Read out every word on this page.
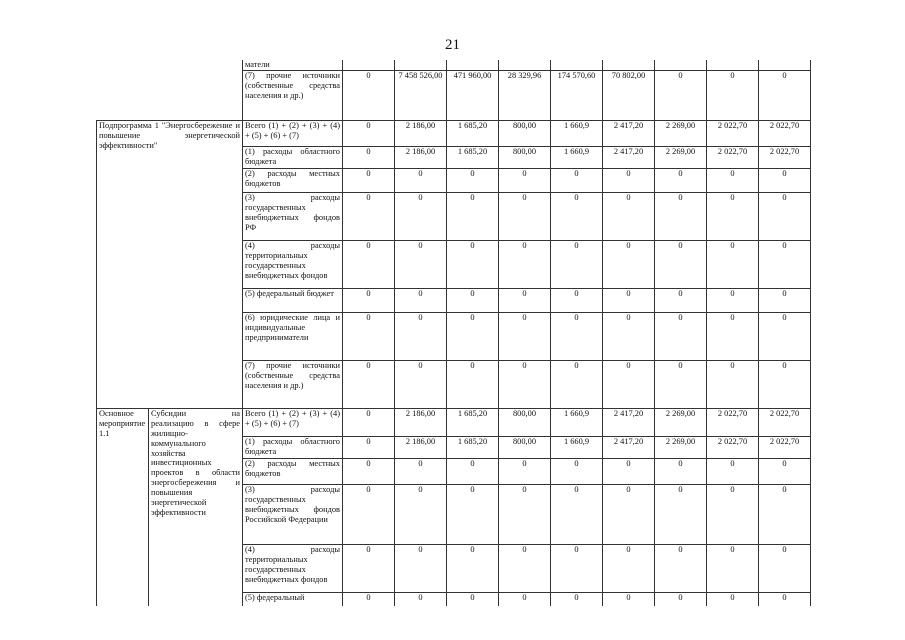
21
		матели									
		(7) прочие источники (собственные средства населения и др.)	0	7 458 526,00	471 960,00	28 329,96	174 570,60	70 802,00	0	0	0
Подпрограмма 1 "Энергосбережение и повышение энергетической эффективности"		Всего (1) + (2) + (3) + (4) + (5) + (6) + (7)	0	2 186,00	1 685,20	800,00	1 660,9	2 417,20	2 269,00	2 022,70	2 022,70
		(1) расходы областного бюджета	0	2 186,00	1 685,20	800,00	1 660,9	2 417,20	2 269,00	2 022,70	2 022,70
		(2) расходы местных бюджетов	0	0	0	0	0	0	0	0	0
		(3) расходы государственных внебюджетных фондов РФ	0	0	0	0	0	0	0	0	0
		(4) расходы территориальных государственных внебюджетных фондов	0	0	0	0	0	0	0	0	0
		(5) федеральный бюджет	0	0	0	0	0	0	0	0	0
		(6) юридические лица и индивидуальные предприниматели	0	0	0	0	0	0	0	0	0
		(7) прочие источники (собственные средства населения и др.)	0	0	0	0	0	0	0	0	0
Основное мероприятие 1.1	Субсидии на реализацию в сфере жилищно-коммунального хозяйства инвестиционных проектов в области энергосбережения и повышения энергетической эффективности	Всего (1) + (2) + (3) + (4) + (5) + (6) + (7)	0	2 186,00	1 685,20	800,00	1 660,9	2 417,20	2 269,00	2 022,70	2 022,70
		(1) расходы областного бюджета	0	2 186,00	1 685,20	800,00	1 660,9	2 417,20	2 269,00	2 022,70	2 022,70
		(2) расходы местных бюджетов	0	0	0	0	0	0	0	0	0
		(3) расходы государственных внебюджетных фондов Российской Федерации	0	0	0	0	0	0	0	0	0
		(4) расходы территориальных государственных внебюджетных фондов	0	0	0	0	0	0	0	0	0
		(5) федеральный	0	0	0	0	0	0	0	0	0
